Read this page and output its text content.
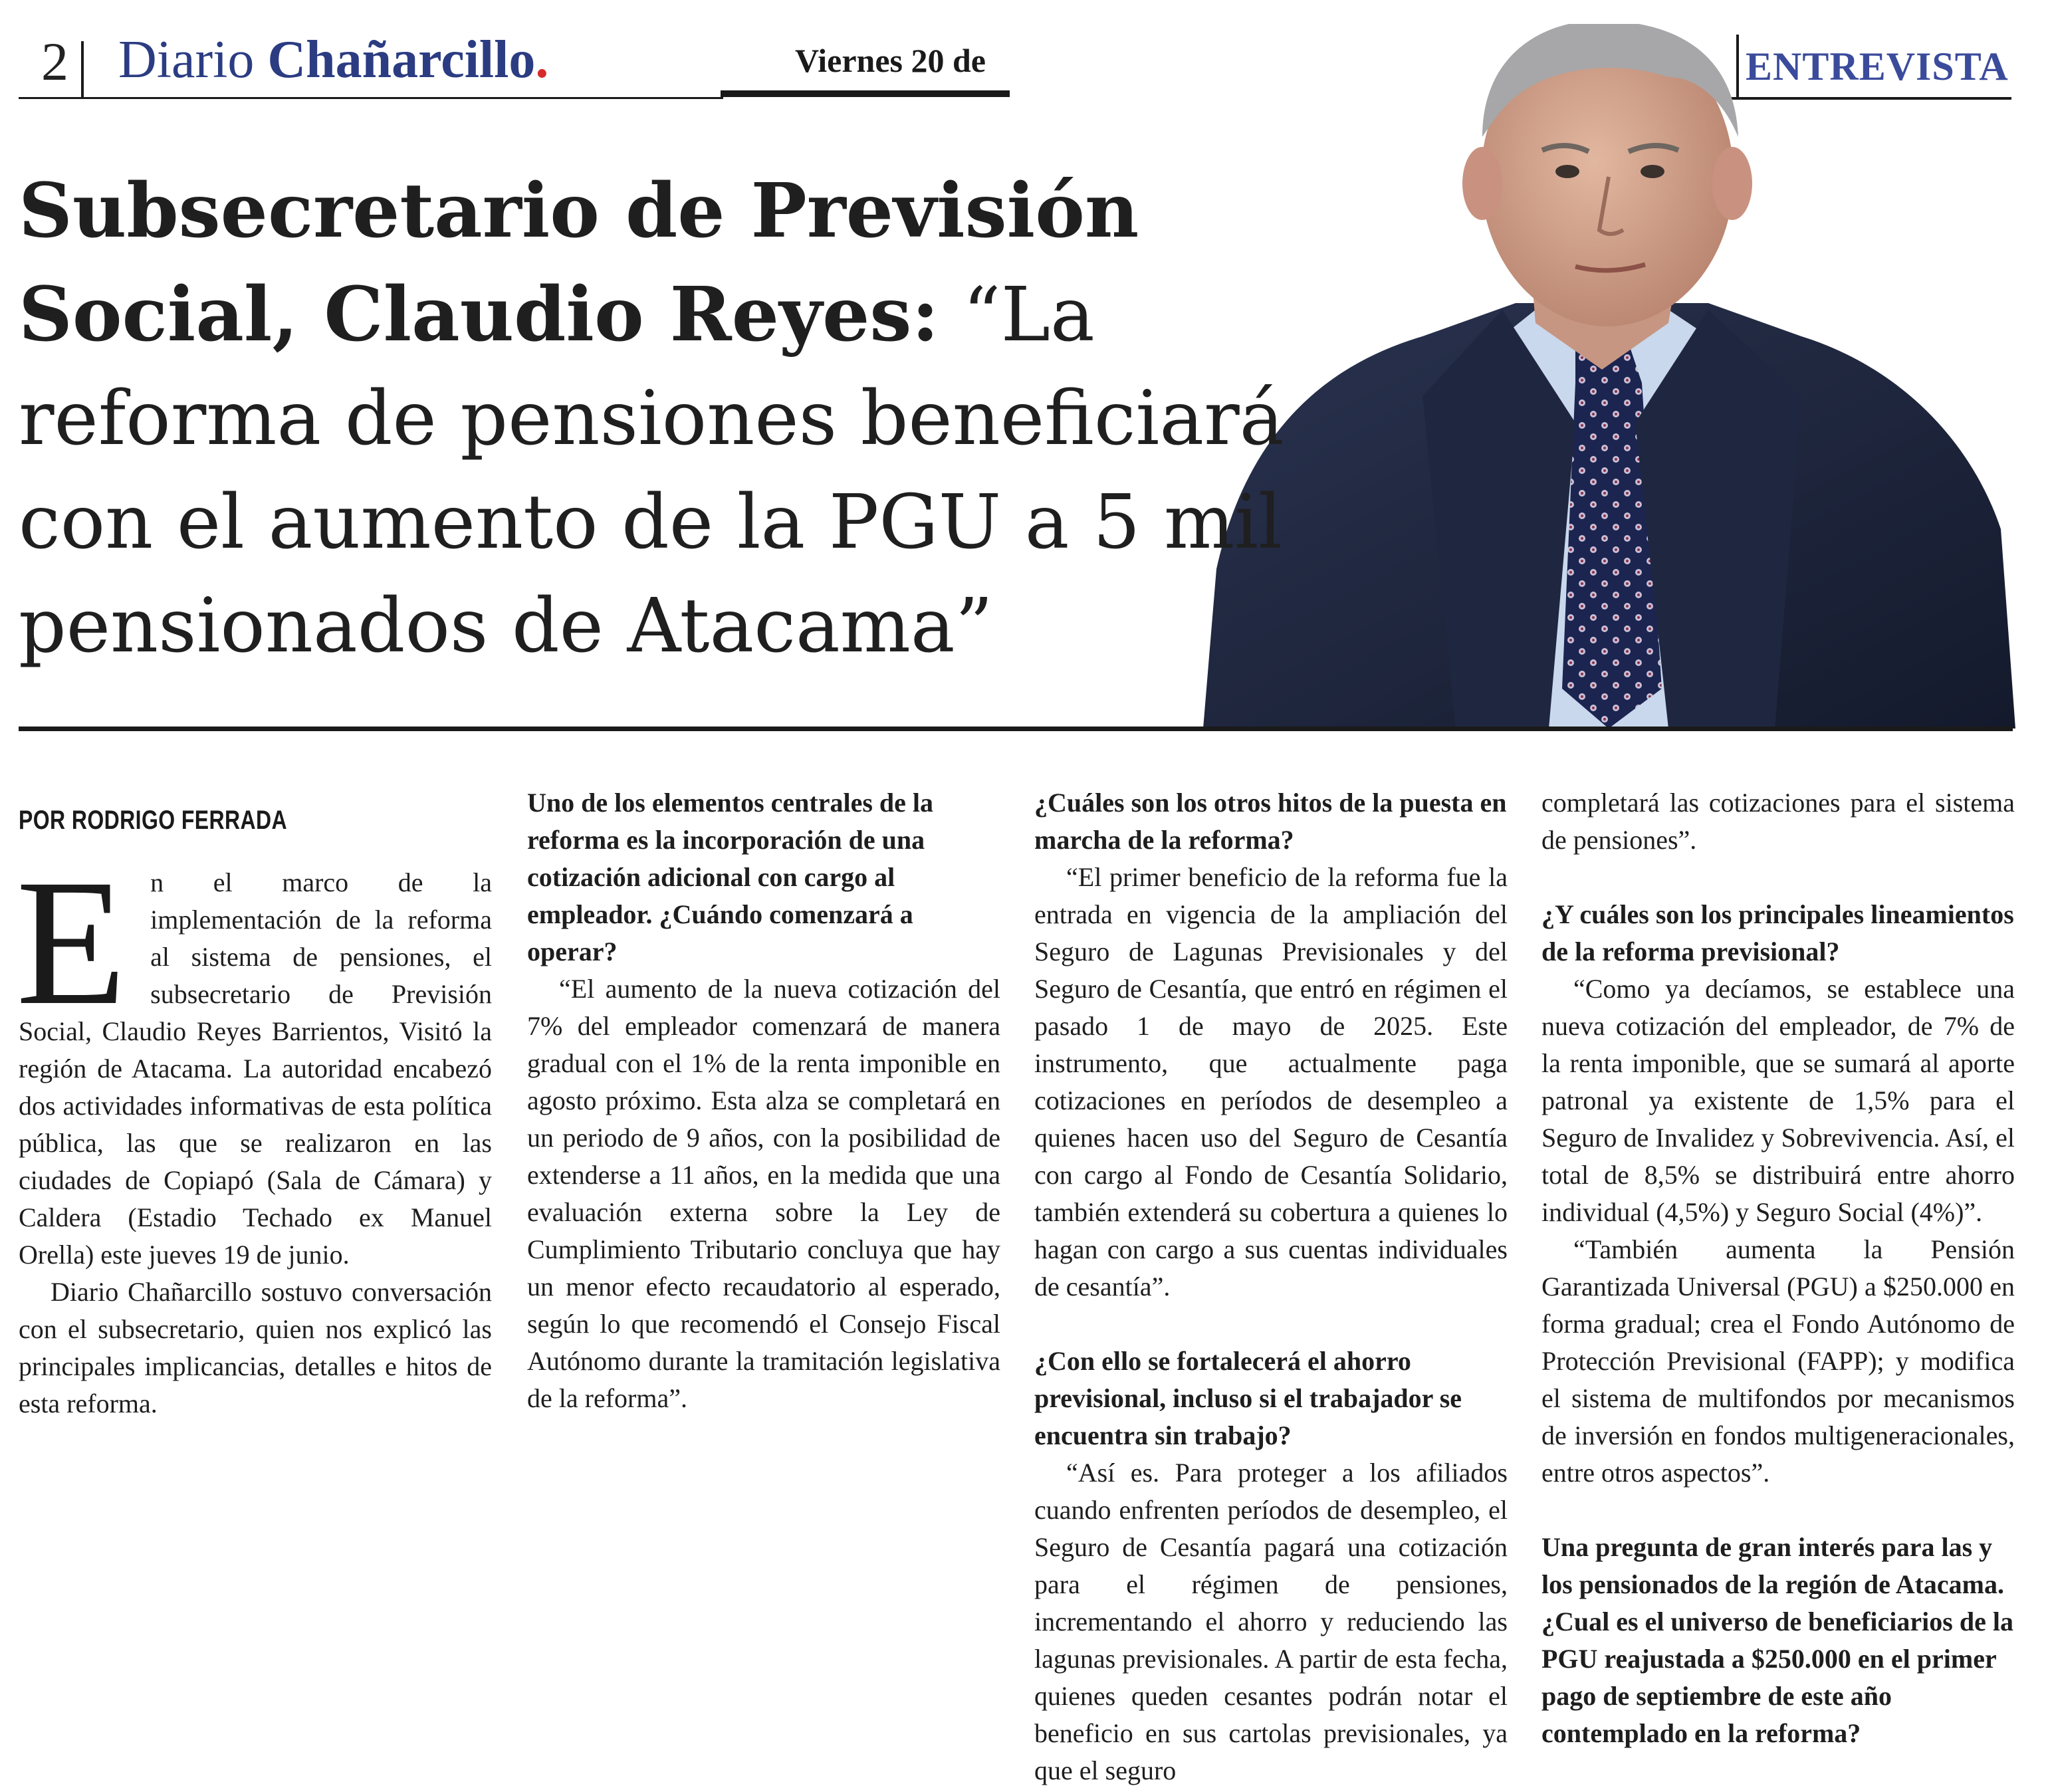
2 Diario Chañarcillo.	Viernes 20 de	ENTREVISTA
Subsecretario de Previsión Social, Claudio Reyes: “La reforma de pensiones beneficiará con el aumento de la PGU a 5 mil pensionados de Atacama”
POR RODRIGO FERRADA

En el marco de la implementación de la reforma al sistema de pensiones, el subsecretario de Previsión Social, Claudio Reyes Barrientos, Visitó la región de Atacama. La autoridad encabezó dos actividades informativas de esta política pública, las que se realizaron en las ciudades de Copiapó (Sala de Cámara) y Caldera (Estadio Techado ex Manuel Orella) este jueves 19 de junio.

Diario Chañarcillo sostuvo conversación con el subsecretario, quien nos explicó las principales implicancias, detalles e hitos de esta reforma.

Uno de los elementos centrales de la reforma es la incorporación de una cotización adicional con cargo al empleador. ¿Cuándo comenzará a operar?

“El aumento de la nueva cotización del 7% del empleador comenzará de manera gradual con el 1% de la renta imponible en agosto próximo. Esta alza se completará en un periodo de 9 años, con la posibilidad de extenderse a 11 años, en la medida que una evaluación externa sobre la Ley de Cumplimiento Tributario concluya que hay un menor efecto recaudatorio al esperado, según lo que recomendó el Consejo Fiscal Autónomo durante la tramitación legislativa de la reforma”.

¿Cuáles son los otros hitos de la puesta en marcha de la reforma?

“El primer beneficio de la reforma fue la entrada en vigencia de la ampliación del Seguro de Lagunas Previsionales y del Seguro de Cesantía, que entró en régimen el pasado 1 de mayo de 2025. Este instrumento, que actualmente paga cotizaciones en períodos de desempleo a quienes hacen uso del Seguro de Cesantía con cargo al Fondo de Cesantía Solidario, también extenderá su cobertura a quienes lo hagan con cargo a sus cuentas individuales de cesantía”.

¿Con ello se fortalecerá el ahorro previsional, incluso si el trabajador se encuentra sin trabajo?

“Así es. Para proteger a los afiliados cuando enfrenten períodos de desempleo, el Seguro de Cesantía pagará una cotización para el régimen de pensiones, incrementando el ahorro y reduciendo las lagunas previsionales. A partir de esta fecha, quienes queden cesantes podrán notar el beneficio en sus cartolas previsionales, ya que el seguro

completará las cotizaciones para el sistema de pensiones”.

¿Y cuáles son los principales lineamientos de la reforma previsional?

“Como ya decíamos, se establece una nueva cotización del empleador, de 7% de la renta imponible, que se sumará al aporte patronal ya existente de 1,5% para el Seguro de Invalidez y Sobrevivencia. Así, el total de 8,5% se distribuirá entre ahorro individual (4,5%) y Seguro Social (4%)”.

“También aumenta la Pensión Garantizada Universal (PGU) a $250.000 en forma gradual; crea el Fondo Autónomo de Protección Previsional (FAPP); y modifica el sistema de multifondos por mecanismos de inversión en fondos multigeneracionales, entre otros aspectos”.

Una pregunta de gran interés para las y los pensionados de la región de Atacama. ¿Cual es el universo de beneficiarios de la PGU reajustada a $250.000 en el primer pago de septiembre de este año contemplado en la reforma?
